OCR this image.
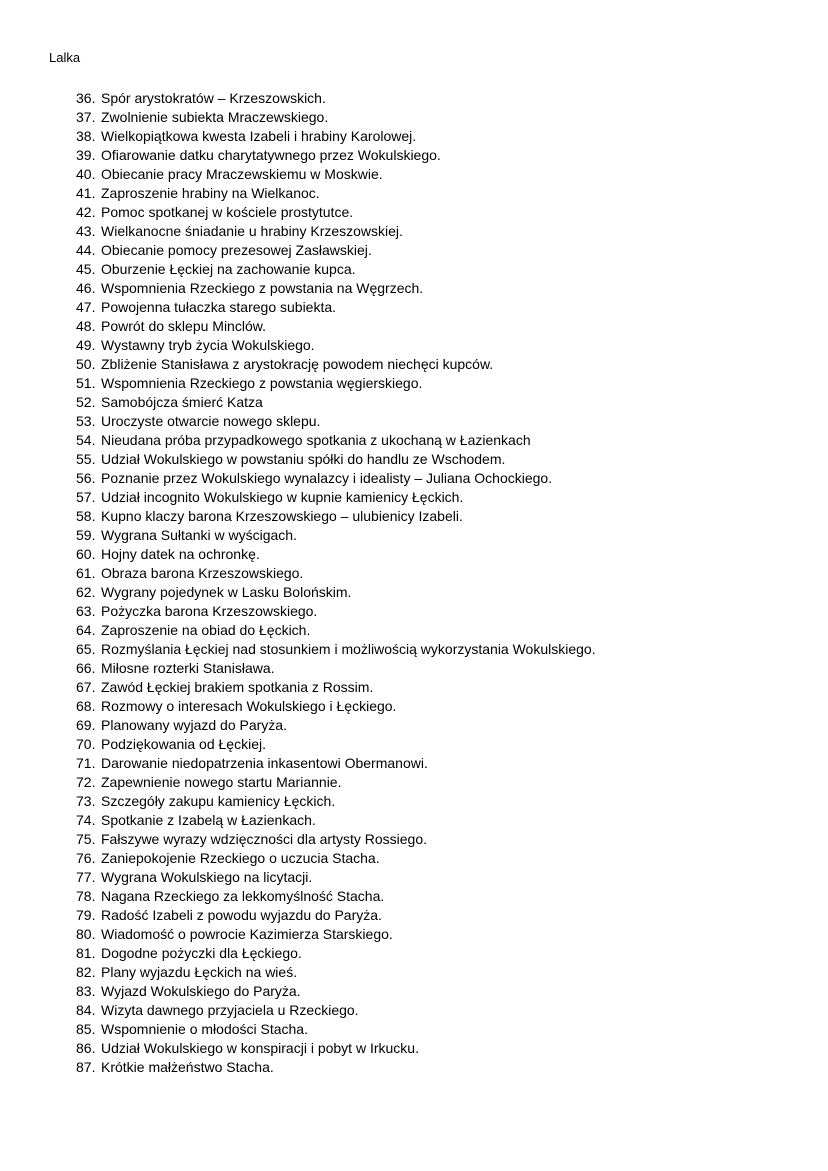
Lalka
36. Spór arystokratów – Krzeszowskich.
37. Zwolnienie subiekta Mraczewskiego.
38. Wielkopiątkowa kwesta Izabeli i hrabiny Karolowej.
39. Ofiarowanie datku charytatywnego przez Wokulskiego.
40. Obiecanie pracy Mraczewskiemu w Moskwie.
41. Zaproszenie hrabiny na Wielkanoc.
42. Pomoc spotkanej w kościele prostytutce.
43. Wielkanocne śniadanie u hrabiny Krzeszowskiej.
44. Obiecanie pomocy prezesowej Zasławskiej.
45. Oburzenie Łęckiej na zachowanie kupca.
46. Wspomnienia Rzeckiego z powstania na Węgrzech.
47. Powojenna tułaczka starego subiekta.
48. Powrót do sklepu Minclów.
49. Wystawny tryb życia Wokulskiego.
50. Zbliżenie Stanisława z arystokrację powodem niechęci kupców.
51. Wspomnienia Rzeckiego z powstania węgierskiego.
52. Samobójcza śmierć Katza
53. Uroczyste otwarcie nowego sklepu.
54. Nieudana próba przypadkowego spotkania z ukochaną w Łazienkach
55. Udział Wokulskiego w powstaniu spółki do handlu ze Wschodem.
56. Poznanie przez Wokulskiego wynalazcy i idealisty – Juliana Ochockiego.
57. Udział incognito Wokulskiego w kupnie kamienicy Łęckich.
58. Kupno klaczy barona Krzeszowskiego – ulubienicy Izabeli.
59. Wygrana Sułtanki w wyścigach.
60. Hojny datek na ochronkę.
61. Obraza barona Krzeszowskiego.
62. Wygrany pojedynek w Lasku Bolońskim.
63. Pożyczka barona Krzeszowskiego.
64. Zaproszenie na obiad do Łęckich.
65. Rozmyślania Łęckiej nad stosunkiem i możliwością wykorzystania Wokulskiego.
66. Miłosne rozterki Stanisława.
67. Zawód Łęckiej brakiem spotkania z Rossim.
68. Rozmowy o interesach Wokulskiego i Łęckiego.
69. Planowany wyjazd do Paryża.
70. Podziękowania od Łęckiej.
71. Darowanie niedopatrzenia inkasentowi Obermanowi.
72. Zapewnienie nowego startu Mariannie.
73. Szczegóły zakupu kamienicy Łęckich.
74. Spotkanie z Izabelą w Łazienkach.
75. Fałszywe wyrazy wdzięczności dla artysty Rossiego.
76. Zaniepokojenie Rzeckiego o uczucia Stacha.
77. Wygrana Wokulskiego na licytacji.
78. Nagana Rzeckiego za lekkomyślność Stacha.
79. Radość Izabeli z powodu wyjazdu do Paryża.
80. Wiadomość o powrocie Kazimierza Starskiego.
81. Dogodne pożyczki dla Łęckiego.
82. Plany wyjazdu Łęckich na wieś.
83. Wyjazd Wokulskiego do Paryża.
84. Wizyta dawnego przyjaciela u Rzeckiego.
85. Wspomnienie o młodości Stacha.
86. Udział Wokulskiego w konspiracji i pobyt w Irkucku.
87. Krótkie małżeństwo Stacha.
